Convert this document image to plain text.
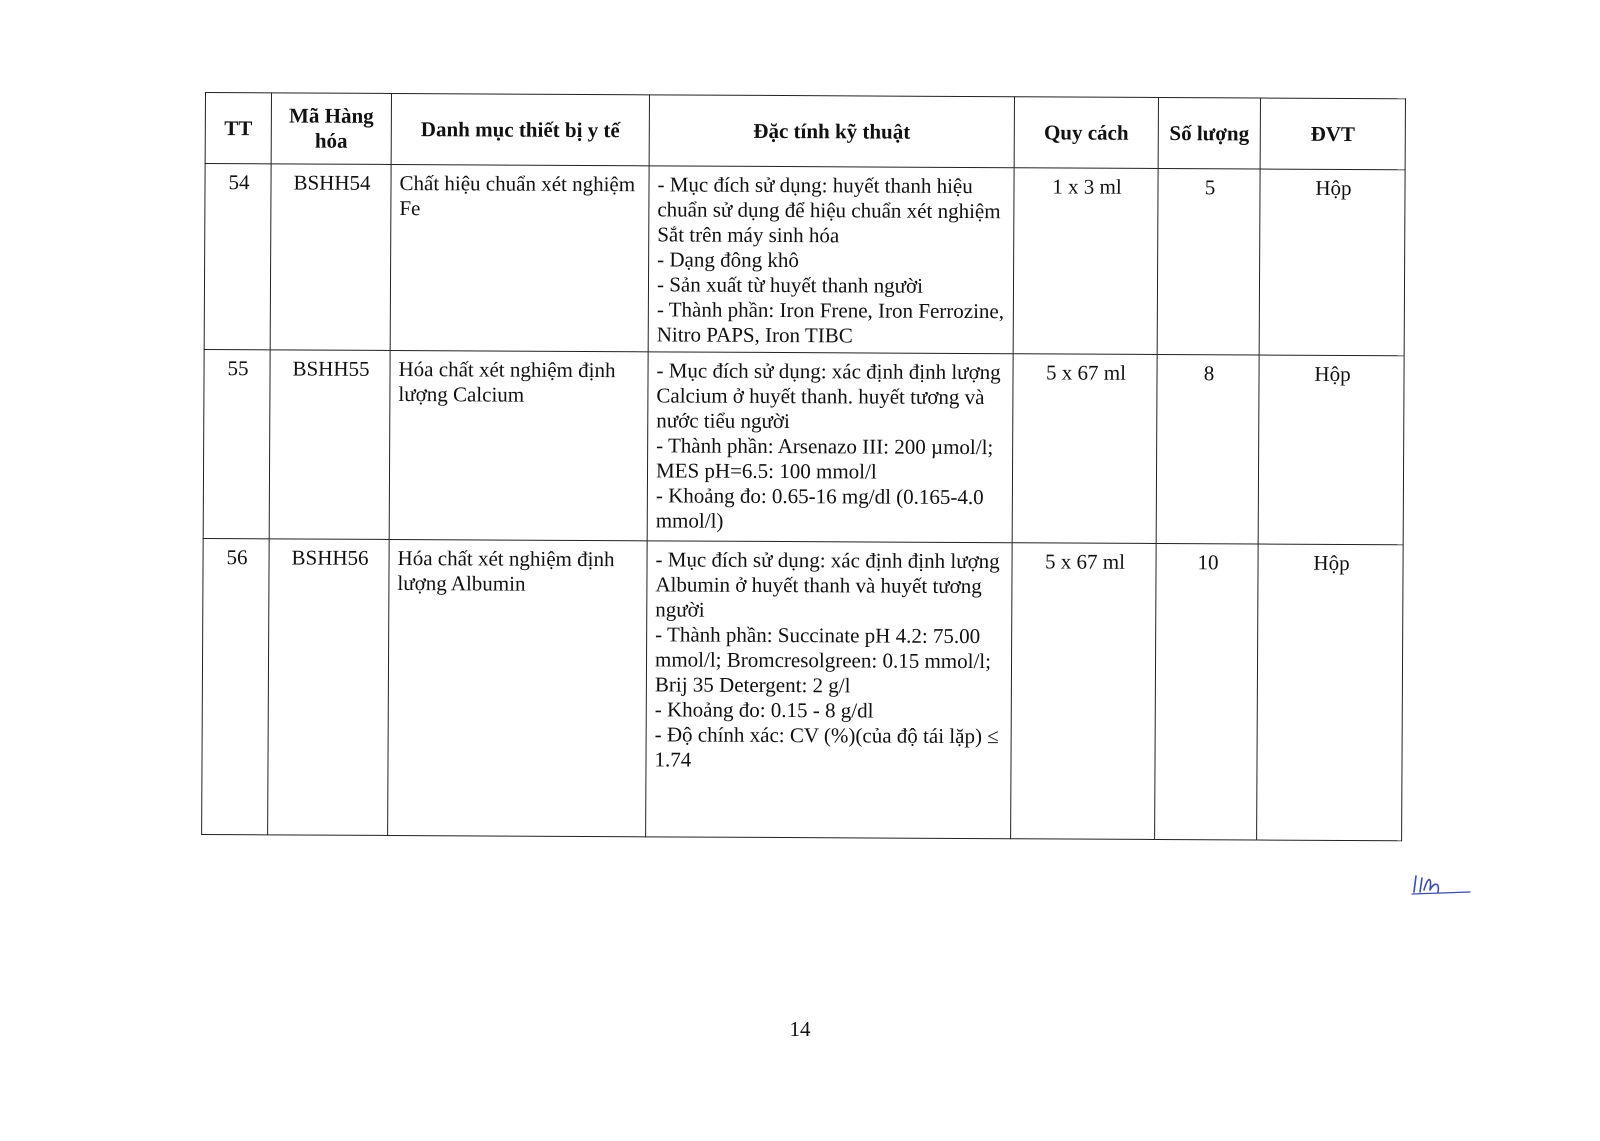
TT	Mã Hàng hóa	Danh mục thiết bị y tế	Đặc tính kỹ thuật	Quy cách	Số lượng	ĐVT
54	BSHH54	Chất hiệu chuẩn xét nghiệm Fe	- Mục đích sử dụng: huyết thanh hiệu chuẩn sử dụng để hiệu chuẩn xét nghiệm Sắt trên máy sinh hóa
- Dạng đông khô
- Sản xuất từ huyết thanh người
- Thành phần: Iron Frene, Iron Ferrozine, Nitro PAPS, Iron TIBC	1 x 3 ml	5	Hộp
55	BSHH55	Hóa chất xét nghiệm định lượng Calcium	- Mục đích sử dụng: xác định định lượng Calcium ở huyết thanh. huyết tương và nước tiểu người
- Thành phần: Arsenazo III: 200 µmol/l; MES pH=6.5: 100 mmol/l
- Khoảng đo: 0.65-16 mg/dl (0.165-4.0 mmol/l)	5 x 67 ml	8	Hộp
56	BSHH56	Hóa chất xét nghiệm định lượng Albumin	- Mục đích sử dụng: xác định định lượng Albumin ở huyết thanh và huyết tương người
- Thành phần: Succinate pH 4.2: 75.00 mmol/l; Bromcresolgreen: 0.15 mmol/l; Brij 35 Detergent: 2 g/l
- Khoảng đo: 0.15 - 8 g/dl
- Độ chính xác: CV (%)(của độ tái lặp) ≤ 1.74	5 x 67 ml	10	Hộp
14
